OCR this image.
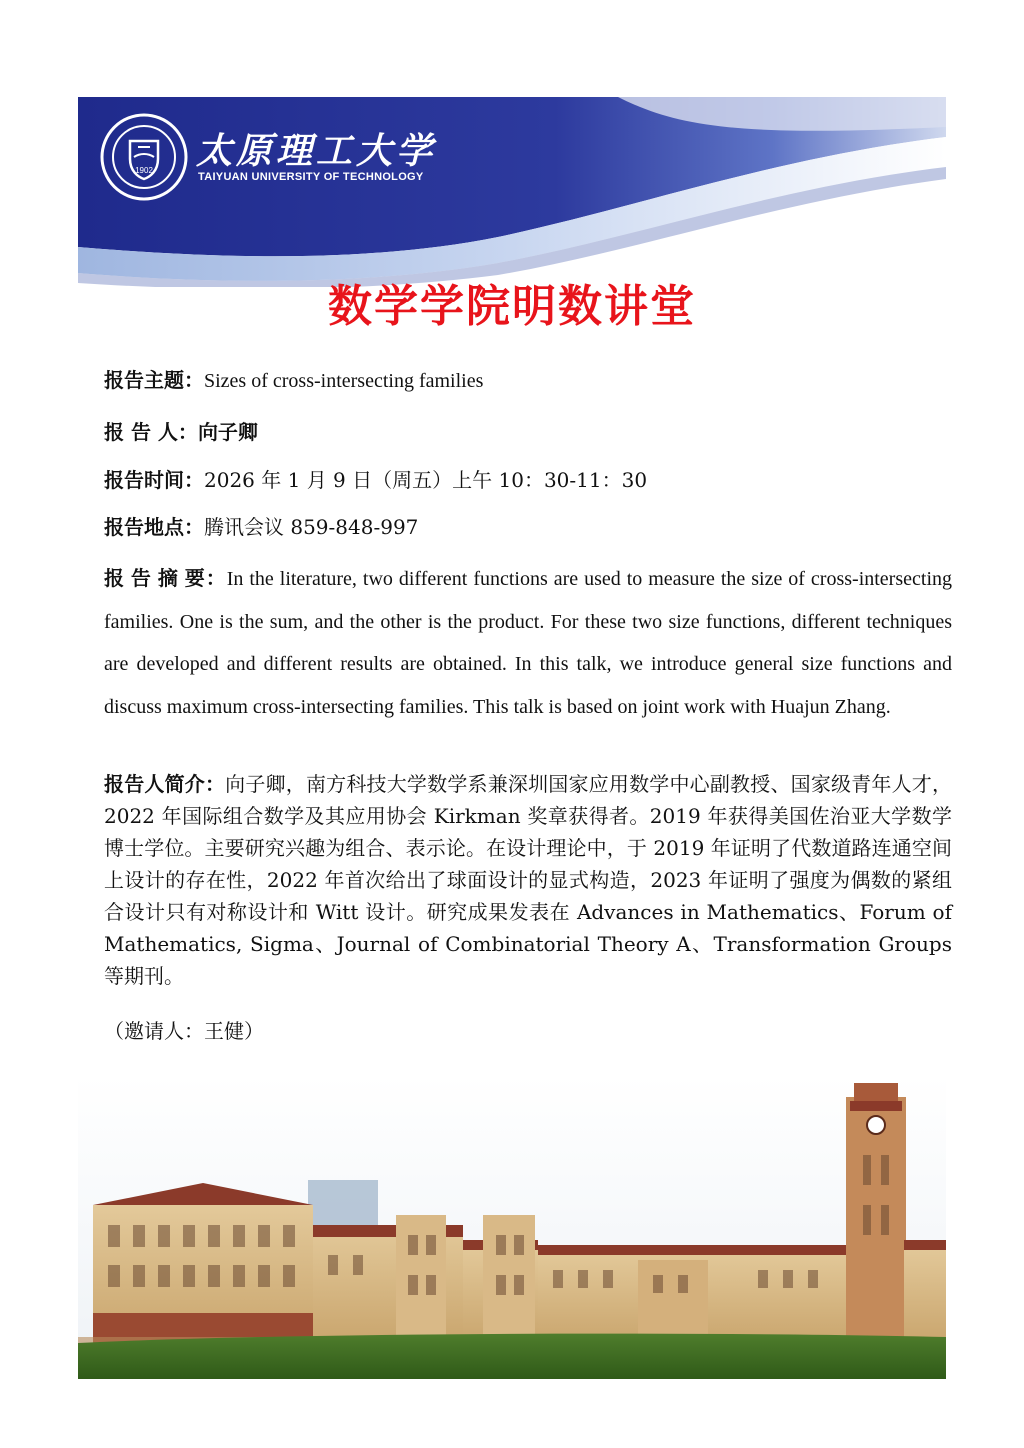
1902 太原理工大学
TAIYUAN UNIVERSITY OF TECHNOLOGY
数学学院明数讲堂
报告主题：Sizes of cross-intersecting families
报 告 人：向子卿
报告时间：2026 年 1 月 9 日（周五）上午 10：30-11：30
报告地点：腾讯会议 859-848-997
报 告 摘 要：In the literature, two different functions are used to measure the size of cross-intersecting families. One is the sum, and the other is the product. For these two size functions, different techniques are developed and different results are obtained. In this talk, we introduce general size functions and discuss maximum cross-intersecting families. This talk is based on joint work with Huajun Zhang.
报告人简介：向子卿，南方科技大学数学系兼深圳国家应用数学中心副教授、国家级青年人才，2022 年国际组合数学及其应用协会 Kirkman 奖章获得者。2019 年获得美国佐治亚大学数学博士学位。主要研究兴趣为组合、表示论。在设计理论中，于 2019 年证明了代数道路连通空间上设计的存在性，2022 年首次给出了球面设计的显式构造，2023 年证明了强度为偶数的紧组合设计只有对称设计和 Witt 设计。研究成果发表在 Advances in Mathematics、Forum of Mathematics, Sigma、Journal of Combinatorial Theory A、Transformation Groups 等期刊。
（邀请人：王健）
